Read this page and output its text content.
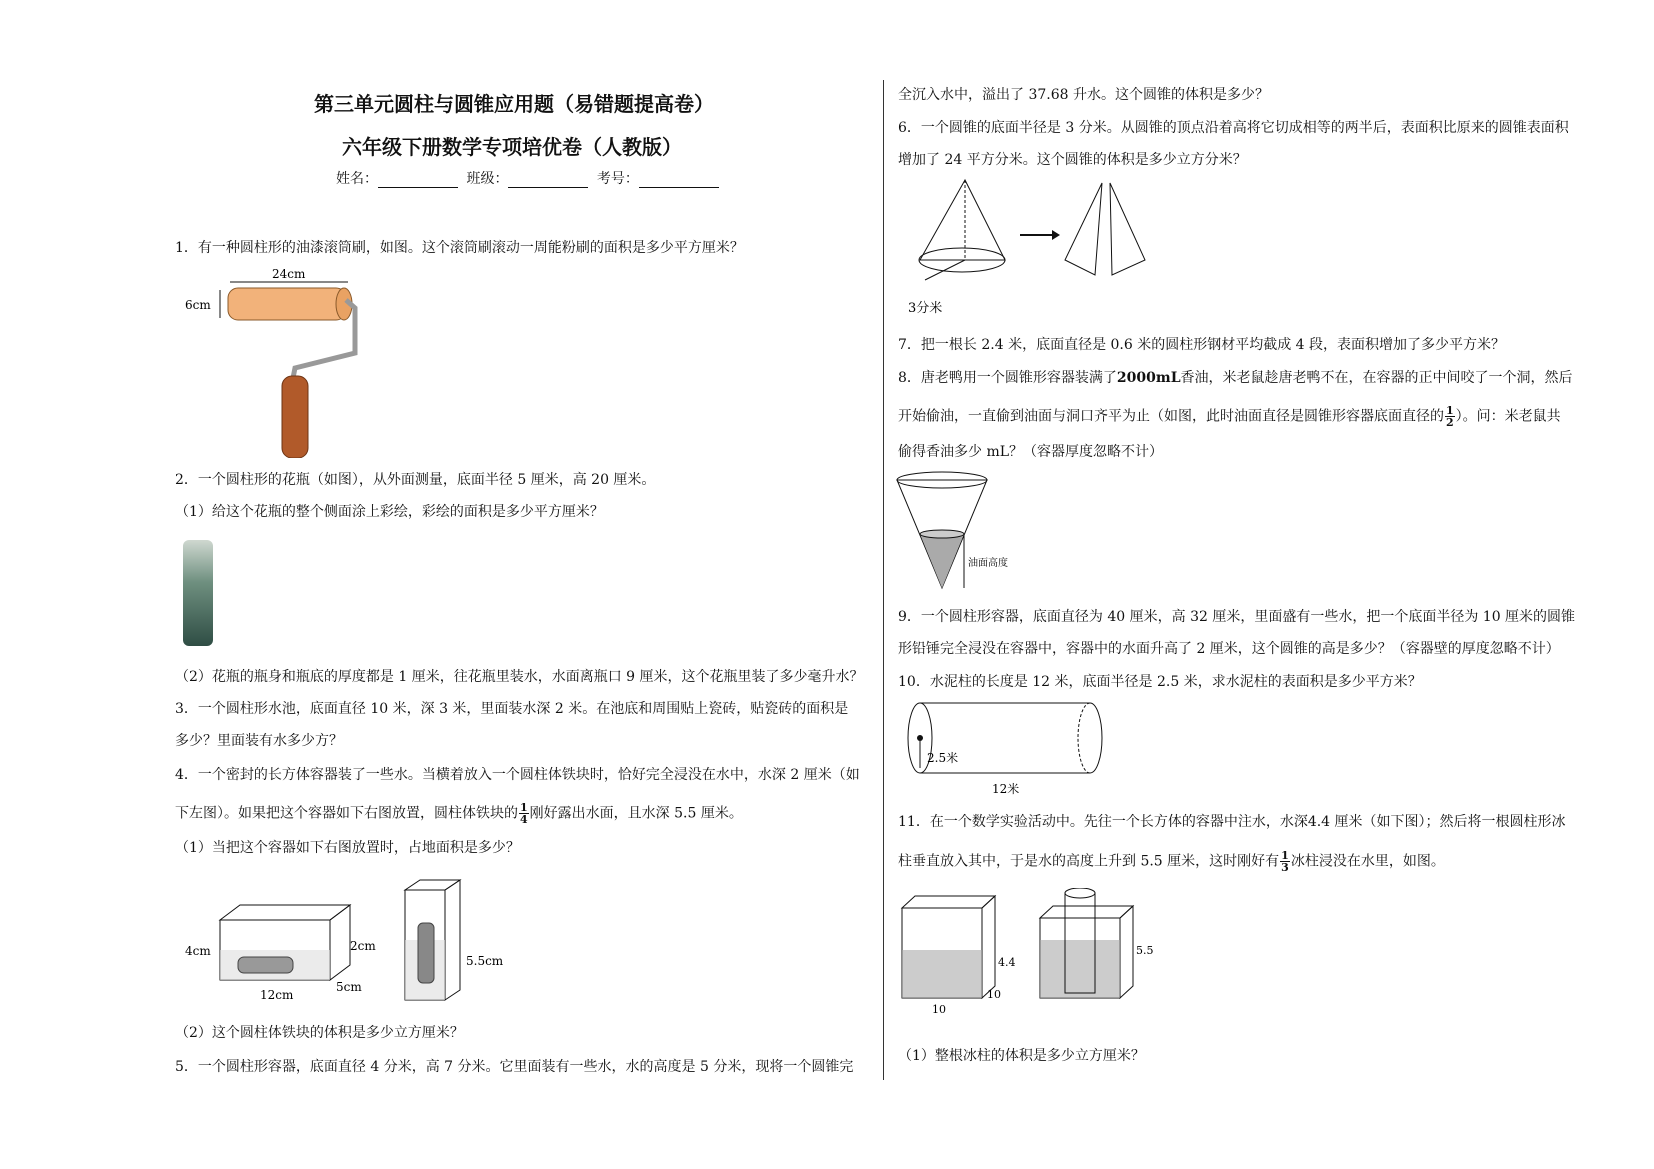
第三单元圆柱与圆锥应用题（易错题提高卷）
六年级下册数学专项培优卷（人教版）
姓名：	班级：	考号：
1．有一种圆柱形的油漆滚筒刷，如图。这个滚筒刷滚动一周能粉刷的面积是多少平方厘米？
24cm
6cm
2．一个圆柱形的花瓶（如图），从外面测量，底面半径 5 厘米，高 20 厘米。
（1）给这个花瓶的整个侧面涂上彩绘，彩绘的面积是多少平方厘米？
（2）花瓶的瓶身和瓶底的厚度都是 1 厘米，往花瓶里装水，水面离瓶口 9 厘米，这个花瓶里装了多少毫升水？
3．一个圆柱形水池，底面直径 10 米，深 3 米，里面装水深 2 米。在池底和周围贴上瓷砖，贴瓷砖的面积是
多少？里面装有水多少方？
4．一个密封的长方体容器装了一些水。当横着放入一个圆柱体铁块时，恰好完全浸没在水中，水深 2 厘米（如
下左图）。如果把这个容器如下右图放置，圆柱体铁块的 $\frac{1}{4}$ 刚好露出水面，且水深 5.5 厘米。
（1）当把这个容器如下右图放置时，占地面积是多少？
4cm	2cm
12cm
5cm
5.5cm
（2）这个圆柱体铁块的体积是多少立方厘米？
5．一个圆柱形容器，底面直径 4 分米，高 7 分米。它里面装有一些水，水的高度是 5 分米，现将一个圆锥完
全沉入水中，溢出了 37.68 升水。这个圆锥的体积是多少？
6．一个圆锥的底面半径是 3 分米。从圆锥的顶点沿着高将它切成相等的两半后，表面积比原来的圆锥表面积
增加了 24 平方分米。这个圆锥的体积是多少立方分米？
3分米
7．把一根长 2.4 米，底面直径是 0.6 米的圆柱形钢材平均截成 4 段，表面积增加了多少平方米？
8．唐老鸭用一个圆锥形容器装满了2000mL香油，米老鼠趁唐老鸭不在，在容器的正中间咬了一个洞，然后
开始偷油，一直偷到油面与洞口齐平为止（如图，此时油面直径是圆锥形容器底面直径的 $\frac{1}{2}$ ）。问：米老鼠共
偷得香油多少 mL？（容器厚度忽略不计）
油面高度
9．一个圆柱形容器，底面直径为 40 厘米，高 32 厘米，里面盛有一些水，把一个底面半径为 10 厘米的圆锥
形铅锤完全浸没在容器中，容器中的水面升高了 2 厘米，这个圆锥的高是多少？（容器壁的厚度忽略不计）
10．水泥柱的长度是 12 米，底面半径是 2.5 米，求水泥柱的表面积是多少平方米？
2.5米
12米
11．在一个数学实验活动中。先往一个长方体的容器中注水，水深4.4 厘米（如下图）；然后将一根圆柱形冰
柱垂直放入其中，于是水的高度上升到 5.5 厘米，这时刚好有 $\frac{1}{3}$ 冰柱浸没在水里，如图。
4.4
10
10
5.5
（1）整根冰柱的体积是多少立方厘米？
